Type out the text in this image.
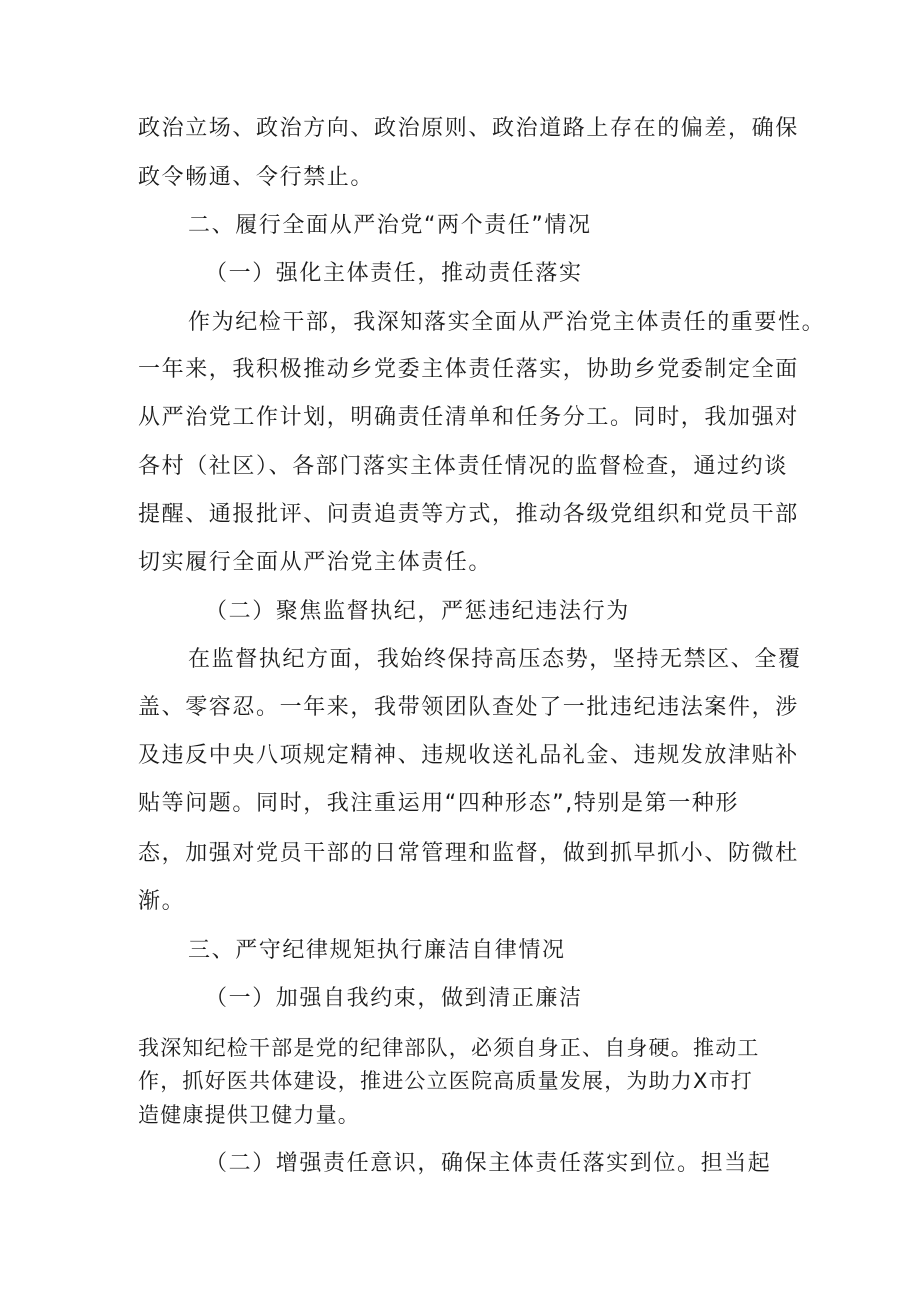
政治立场、政治方向、政治原则、政治道路上存在的偏差，确保
政令畅通、令行禁止。
二、履行全面从严治党“两个责任”情况
（一）强化主体责任，推动责任落实
作为纪检干部，我深知落实全面从严治党主体责任的重要性。
一年来，我积极推动乡党委主体责任落实，协助乡党委制定全面
从严治党工作计划，明确责任清单和任务分工。同时，我加强对
各村（社区）、各部门落实主体责任情况的监督检查，通过约谈
提醒、通报批评、问责追责等方式，推动各级党组织和党员干部
切实履行全面从严治党主体责任。
（二）聚焦监督执纪，严惩违纪违法行为
在监督执纪方面，我始终保持高压态势，坚持无禁区、全覆
盖、零容忍。一年来，我带领团队查处了一批违纪违法案件，涉
及违反中央八项规定精神、违规收送礼品礼金、违规发放津贴补
贴等问题。同时，我注重运用“四种形态”,特别是第一种形
态，加强对党员干部的日常管理和监督，做到抓早抓小、防微杜
渐。
三、严守纪律规矩执行廉洁自律情况
（一）加强自我约束，做到清正廉洁
我深知纪检干部是党的纪律部队，必须自身正、自身硬。推动工
作，抓好医共体建设，推进公立医院高质量发展，为助力X市打
造健康提供卫健力量。
（二）增强责任意识，确保主体责任落实到位。担当起
